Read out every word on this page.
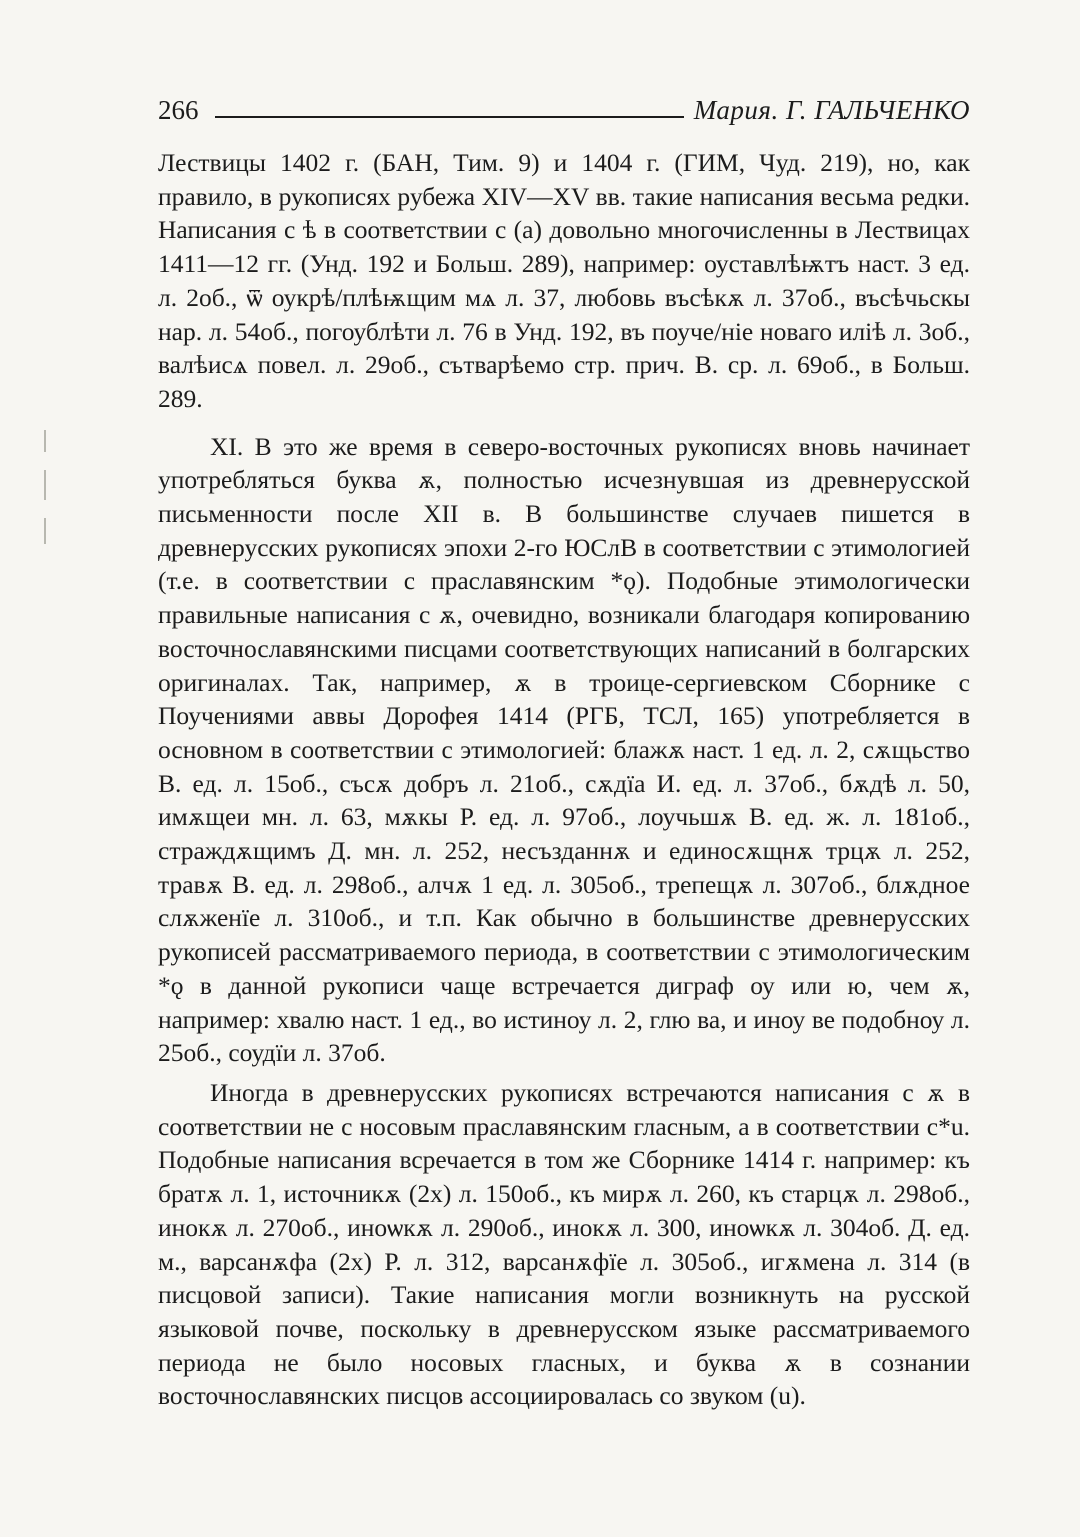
266	Мария. Г. ГАЛЬЧЕНКО

Лествицы 1402 г. (БАН, Тим. 9) и 1404 г. (ГИМ, Чуд. 219), но, как правило, в рукописях рубежа XIV—XV вв. такие написания весьма редки. Написания с ѣ в соответствии с (а) довольно многочисленны в Лествицах 1411—12 гг. (Унд. 192 и Больш. 289), например: оуставлѣѭтъ наст. 3 ед. л. 2об., ѿ оукрѣ/плѣѭщим мѧ л. 37, любовь въсѣкѫ л. 37об., въсѣчьскы нар. л. 54об., погоублѣти л. 76 в Унд. 192, въ поуче/ніе новаго иліѣ л. 3об., валѣисѧ повел. л. 29об., сътварѣемо стр. прич. В. ср. л. 69об., в Больш. 289.

XI. В это же время в северо-восточных рукописях вновь начинает употребляться буква ѫ, полностью исчезнувшая из древнерусской письменности после XII в. В большинстве случаев пишется в древнерусских рукописях эпохи 2-го ЮСлВ в соответствии с этимологией (т.е. в соответствии с праславянским *ǫ). Подобные этимологически правильные написания с ѫ, очевидно, возникали благодаря копированию восточнославянскими писцами соответствующих написаний в болгарских оригиналах. Так, например, ѫ в троице-сергиевском Сборнике с Поучениями аввы Дорофея 1414 (РГБ, ТСЛ, 165) употребляется в основном в соответствии с этимологией: блажѫ наст. 1 ед. л. 2, сѫщьство В. ед. л. 15об., съсѫ добръ л. 21об., сѫдїа И. ед. л. 37об., бѫдѣ л. 50, имѫщеи мн. л. 63, мѫкы Р. ед. л. 97об., лоучьшѫ В. ед. ж. л. 181об., страждѫщимъ Д. мн. л. 252, несъзданнѫ и единосѫщнѫ трцѫ л. 252, травѫ В. ед. л. 298об., алчѫ 1 ед. л. 305об., трепещѫ л. 307об., блѫдное слѫженїе л. 310об., и т.п. Как обычно в большинстве древнерусских рукописей рассматриваемого периода, в соответствии с этимологическим *ǫ в данной рукописи чаще встречается диграф оу или ю, чем ѫ, например: хвалю наст. 1 ед., во истиноу л. 2, глю ва, и иноу ве подобноу л. 25об., соудїи л. 37об.

Иногда в древнерусских рукописях встречаются написания с ѫ в соответствии не с носовым праславянским гласным, а в соответствии с*u. Подобные написания всречается в том же Сборнике 1414 г. например: къ братѫ л. 1, источникѫ (2х) л. 150об., къ мирѫ л. 260, къ старцѫ л. 298об., инокѫ л. 270об., иноѡкѫ л. 290об., инокѫ л. 300, иноѡкѫ л. 304об. Д. ед. м., варсанѫфа (2х) Р. л. 312, варсанѫфїе л. 305об., игѫмена л. 314 (в писцовой записи). Такие написания могли возникнуть на русской языковой почве, поскольку в древнерусском языке рассматриваемого периода не было носовых гласных, и буква ѫ в сознании восточнославянских писцов ассоциировалась со звуком (u).
